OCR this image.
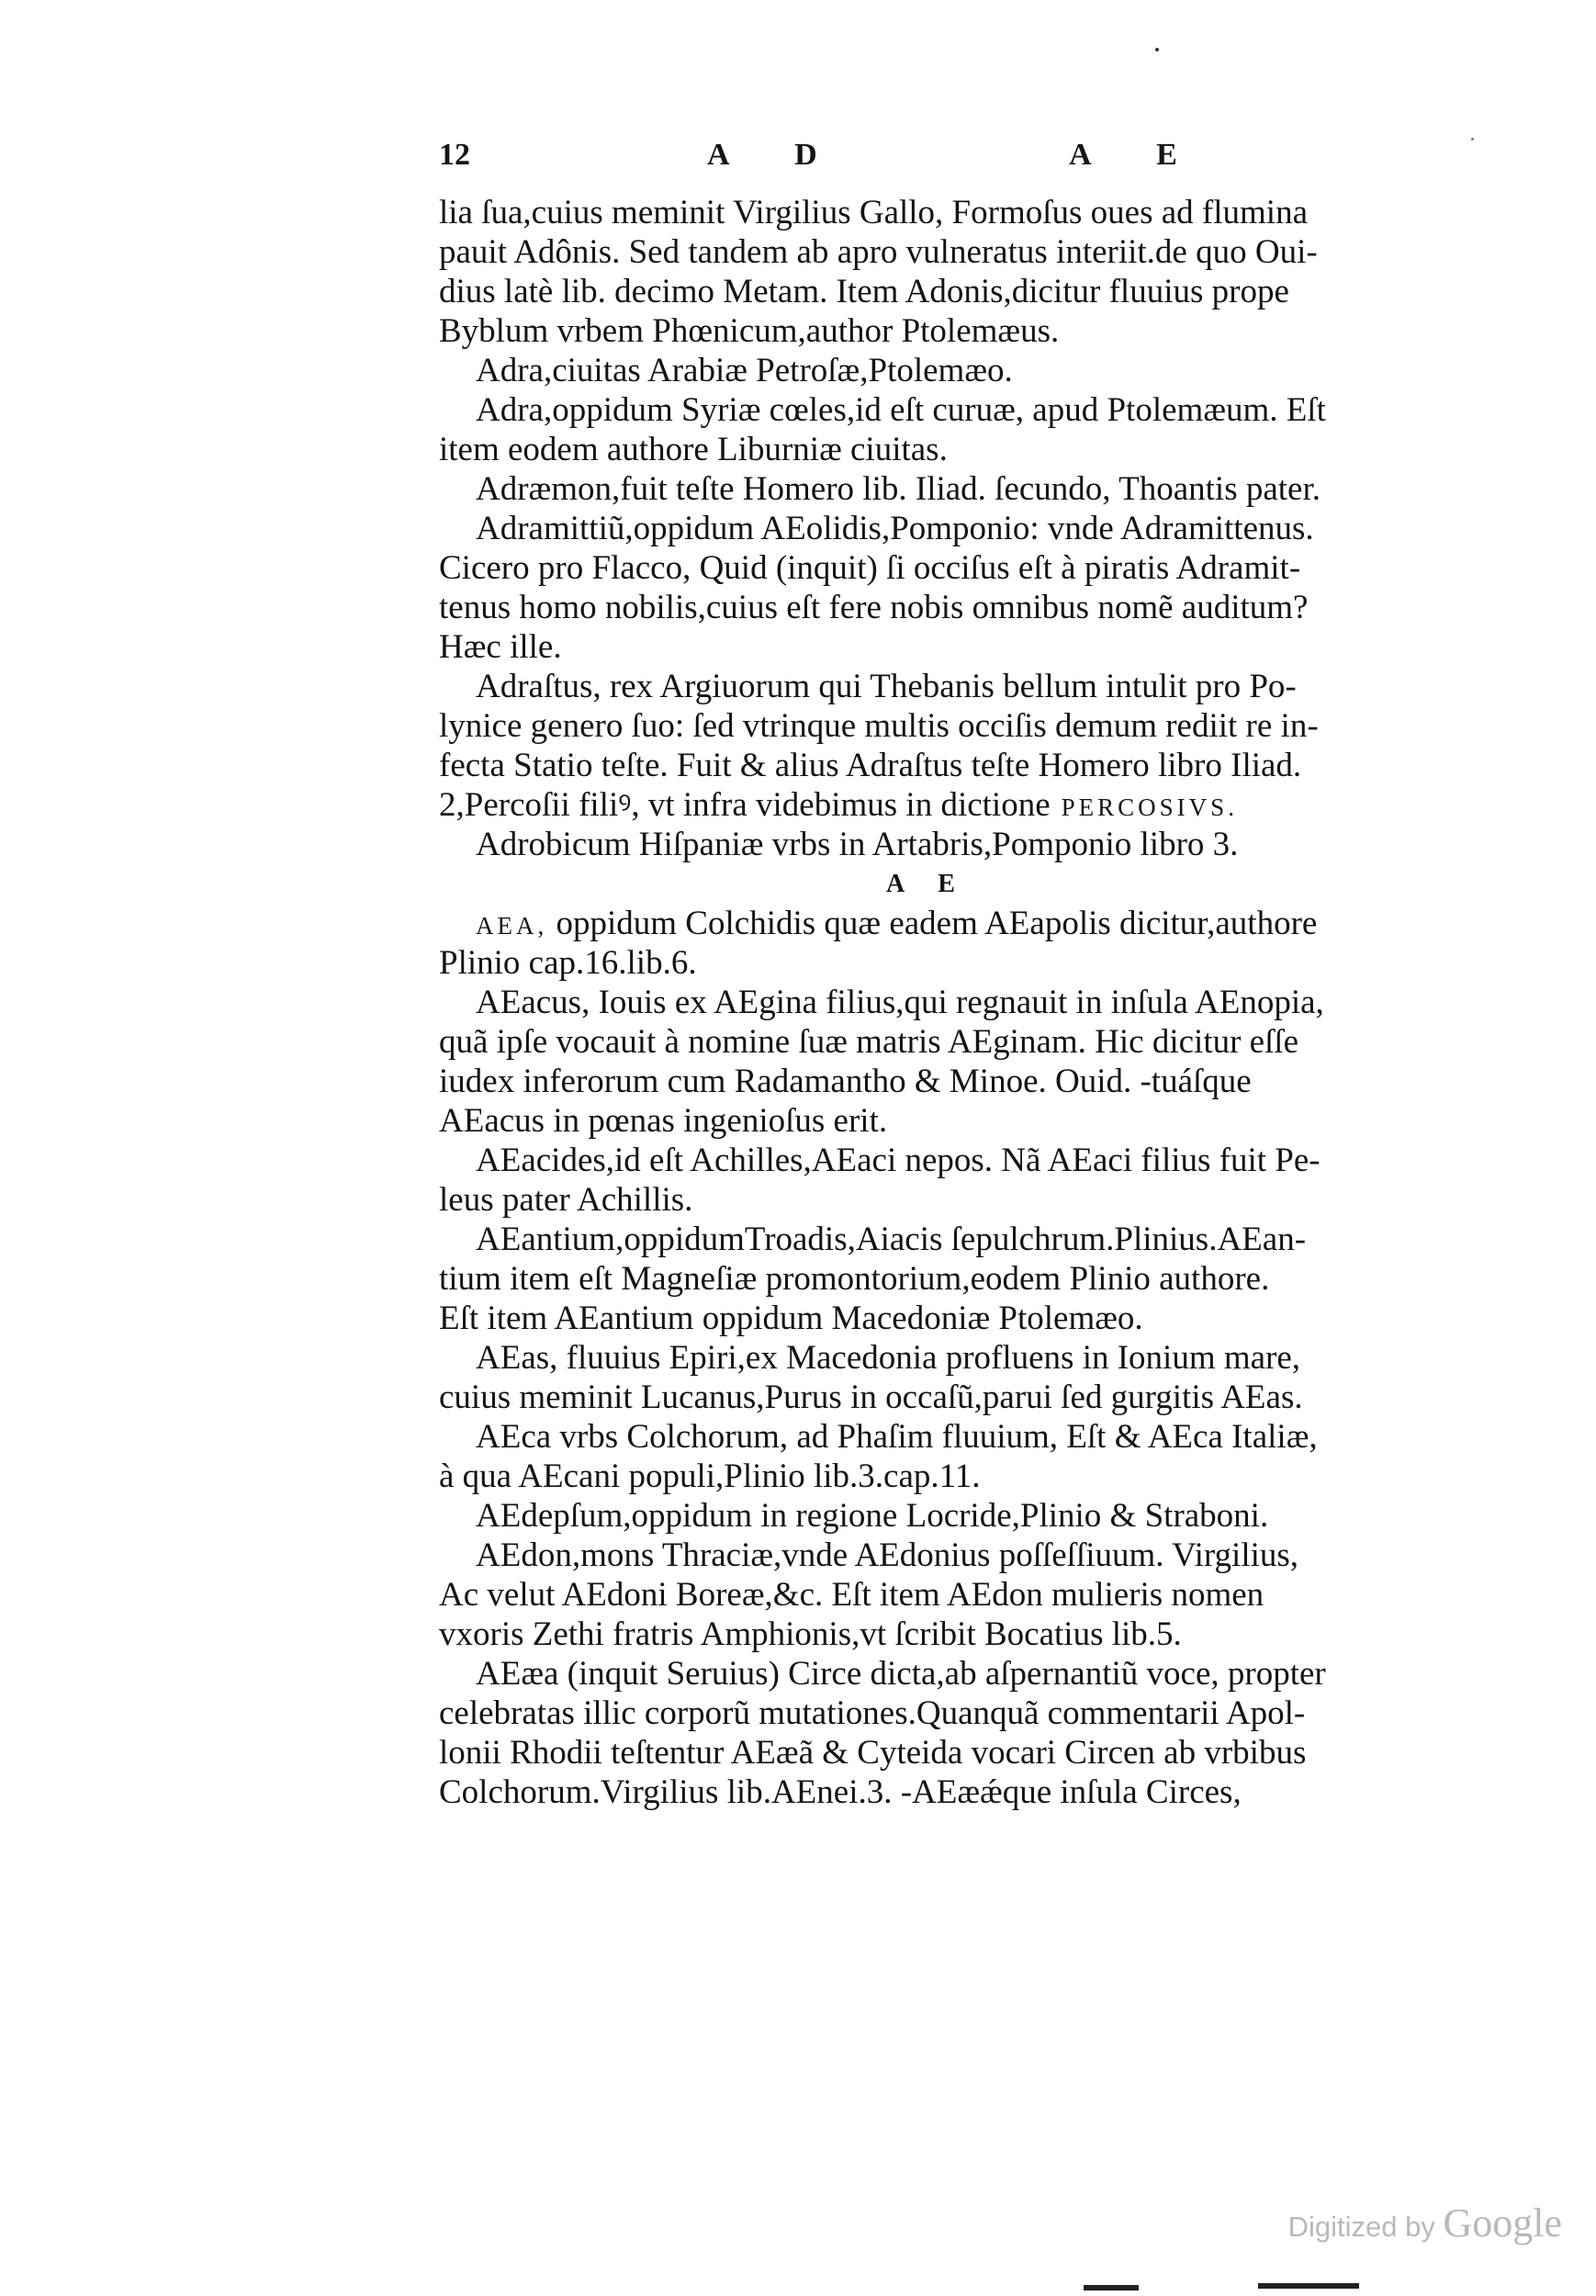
12	A D	A E
lia ſua,cuius meminit Virgilius Gallo, Formoſus oues ad flumina
pauit Adônis. Sed tandem ab apro vulneratus interiit.de quo Oui-
dius latè lib. decimo Metam. Item Adonis,dicitur fluuius prope
Byblum vrbem Phœnicum,author Ptolemæus.
Adra,ciuitas Arabiæ Petroſæ,Ptolemæo.
Adra,oppidum Syriæ cœles,id eſt curuæ, apud Ptolemæum. Eſt
item eodem authore Liburniæ ciuitas.
Adræmon,fuit teſte Homero lib. Iliad. ſecundo, Thoantis pater.
Adramittiũ,oppidum AEolidis,Pomponio: vnde Adramittenus.
Cicero pro Flacco, Quid (inquit) ſi occiſus eſt à piratis Adramit-
tenus homo nobilis,cuius eſt fere nobis omnibus nomẽ auditum?
Hæc ille.
Adraſtus, rex Argiuorum qui Thebanis bellum intulit pro Po-
lynice genero ſuo: ſed vtrinque multis occiſis demum rediit re in-
fecta Statio teſte. Fuit & alius Adraſtus teſte Homero libro Iliad.
2,Percoſii filiꝰ, vt infra videbimus in dictione PERCOSIVS.
Adrobicum Hiſpaniæ vrbs in Artabris,Pomponio libro 3.
AE
AEA, oppidum Colchidis quæ eadem AEapolis dicitur,authore
Plinio cap.16.lib.6.
AEacus, Iouis ex AEgina filius,qui regnauit in inſula AEnopia,
quã ipſe vocauit à nomine ſuæ matris AEginam. Hic dicitur eſſe
iudex inferorum cum Radamantho & Minoe. Ouid. -tuáſque
AEacus in pœnas ingenioſus erit.
AEacides,id eſt Achilles,AEaci nepos. Nã AEaci filius fuit Pe-
leus pater Achillis.
AEantium,oppidumTroadis,Aiacis ſepulchrum.Plinius.AEan-
tium item eſt Magneſiæ promontorium,eodem Plinio authore.
Eſt item AEantium oppidum Macedoniæ Ptolemæo.
AEas, fluuius Epiri,ex Macedonia profluens in Ionium mare,
cuius meminit Lucanus,Purus in occaſũ,parui ſed gurgitis AEas.
AEca vrbs Colchorum, ad Phaſim fluuium, Eſt & AEca Italiæ,
à qua AEcani populi,Plinio lib.3.cap.11.
AEdepſum,oppidum in regione Locride,Plinio & Straboni.
AEdon,mons Thraciæ,vnde AEdonius poſſeſſiuum. Virgilius,
Ac velut AEdoni Boreæ,&c. Eſt item AEdon mulieris nomen
vxoris Zethi fratris Amphionis,vt ſcribit Bocatius lib.5.
AEæa (inquit Seruius) Circe dicta,ab aſpernantiũ voce, propter
celebratas illic corporũ mutationes.Quanquã commentarii Apol-
lonii Rhodii teſtentur AEæã & Cyteida vocari Circen ab vrbibus
Colchorum.Virgilius lib.AEnei.3. -AEæǽque inſula Circes,
Digitized by Google
